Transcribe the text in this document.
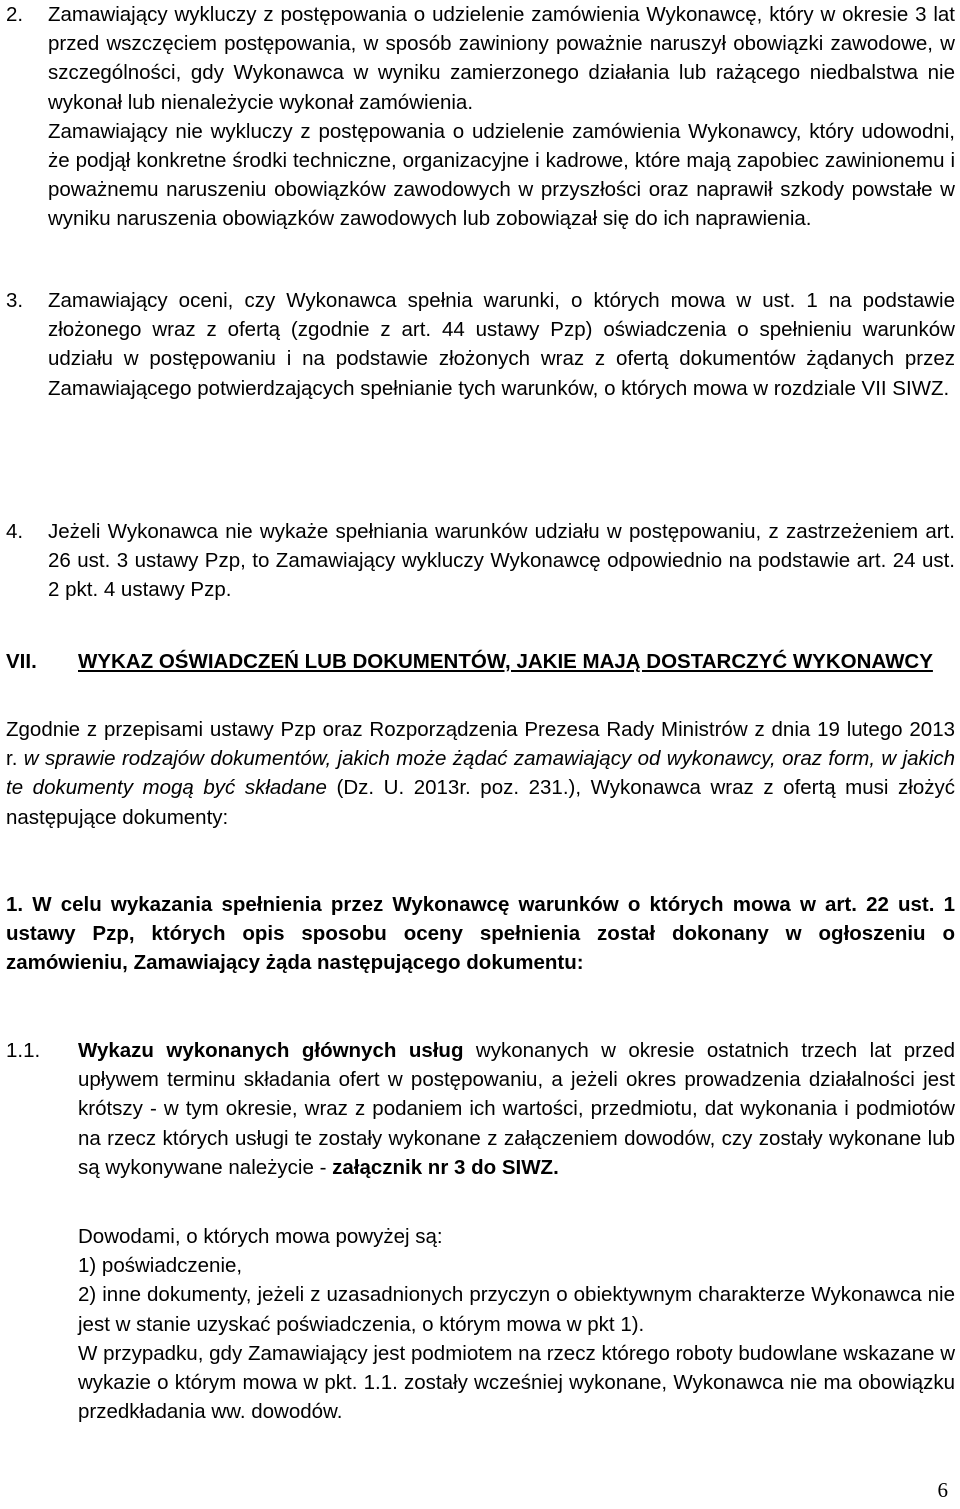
2. Zamawiający wykluczy z postępowania o udzielenie zamówienia Wykonawcę, który w okresie 3 lat przed wszczęciem postępowania, w sposób zawiniony poważnie naruszył obowiązki zawodowe, w szczególności, gdy Wykonawca w wyniku zamierzonego działania lub rażącego niedbalstwa nie wykonał lub nienależycie wykonał zamówienia.

Zamawiający nie wykluczy z postępowania o udzielenie zamówienia Wykonawcy, który udowodni, że podjął konkretne środki techniczne, organizacyjne i kadrowe, które mają zapobiec zawinionemu i poważnemu naruszeniu obowiązków zawodowych w przyszłości oraz naprawił szkody powstałe w wyniku naruszenia obowiązków zawodowych lub zobowiązał się do ich naprawienia.

3. Zamawiający oceni, czy Wykonawca spełnia warunki, o których mowa w ust. 1 na podstawie złożonego wraz z ofertą (zgodnie z art. 44 ustawy Pzp) oświadczenia o spełnieniu warunków udziału w postępowaniu i na podstawie złożonych wraz z ofertą dokumentów żądanych przez Zamawiającego potwierdzających spełnianie tych warunków, o których mowa w rozdziale VII SIWZ.

4. Jeżeli Wykonawca nie wykaże spełniania warunków udziału w postępowaniu, z zastrzeżeniem art. 26 ust. 3 ustawy Pzp, to Zamawiający wykluczy Wykonawcę odpowiednio na podstawie art. 24 ust. 2 pkt. 4 ustawy Pzp.

VII. WYKAZ OŚWIADCZEŃ LUB DOKUMENTÓW, JAKIE MAJĄ DOSTARCZYĆ WYKONAWCY

Zgodnie z przepisami ustawy Pzp oraz Rozporządzenia Prezesa Rady Ministrów z dnia 19 lutego 2013 r. w sprawie rodzajów dokumentów, jakich może żądać zamawiający od wykonawcy, oraz form, w jakich te dokumenty mogą być składane (Dz. U. 2013r. poz. 231.), Wykonawca wraz z ofertą musi złożyć następujące dokumenty:

1. W celu wykazania spełnienia przez Wykonawcę warunków o których mowa w art. 22 ust. 1 ustawy Pzp, których opis sposobu oceny spełnienia został dokonany w ogłoszeniu o zamówieniu, Zamawiający żąda następującego dokumentu:

1.1. Wykazu wykonanych głównych usług wykonanych w okresie ostatnich trzech lat przed upływem terminu składania ofert w postępowaniu, a jeżeli okres prowadzenia działalności jest krótszy - w tym okresie, wraz z podaniem ich wartości, przedmiotu, dat wykonania i podmiotów na rzecz których usługi te zostały wykonane z załączeniem dowodów, czy zostały wykonane lub są wykonywane należycie - załącznik nr 3 do SIWZ.

Dowodami, o których mowa powyżej są:
1) poświadczenie,

2) inne dokumenty, jeżeli z uzasadnionych przyczyn o obiektywnym charakterze Wykonawca nie jest w stanie uzyskać poświadczenia, o którym mowa w pkt 1).

W przypadku, gdy Zamawiający jest podmiotem na rzecz którego roboty budowlane wskazane w wykazie o którym mowa w pkt. 1.1. zostały wcześniej wykonane, Wykonawca nie ma obowiązku przedkładania ww. dowodów.

6
